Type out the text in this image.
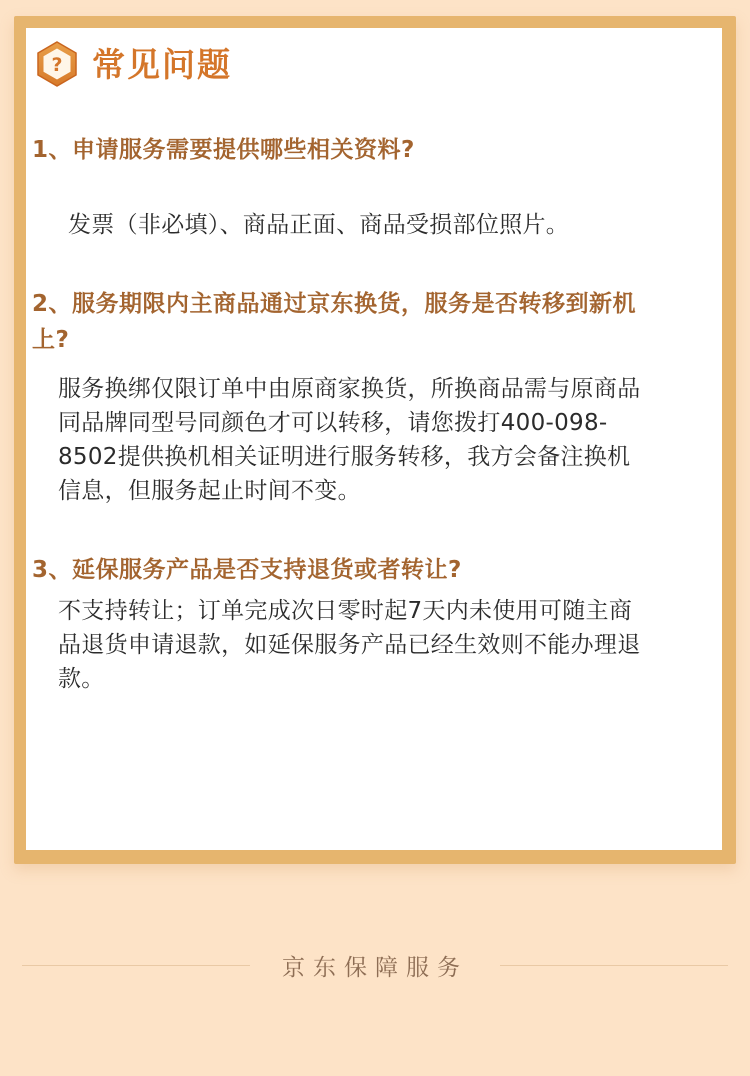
? 常见问题
1、申请服务需要提供哪些相关资料?
发票（非必填）、商品正面、商品受损部位照片。
2、服务期限内主商品通过京东换货，服务是否转移到新机上?
服务换绑仅限订单中由原商家换货，所换商品需与原商品同品牌同型号同颜色才可以转移，请您拨打400-098-8502提供换机相关证明进行服务转移，我方会备注换机信息，但服务起止时间不变。
3、延保服务产品是否支持退货或者转让?
不支持转让；订单完成次日零时起7天内未使用可随主商品退货申请退款，如延保服务产品已经生效则不能办理退款。
京东保障服务
